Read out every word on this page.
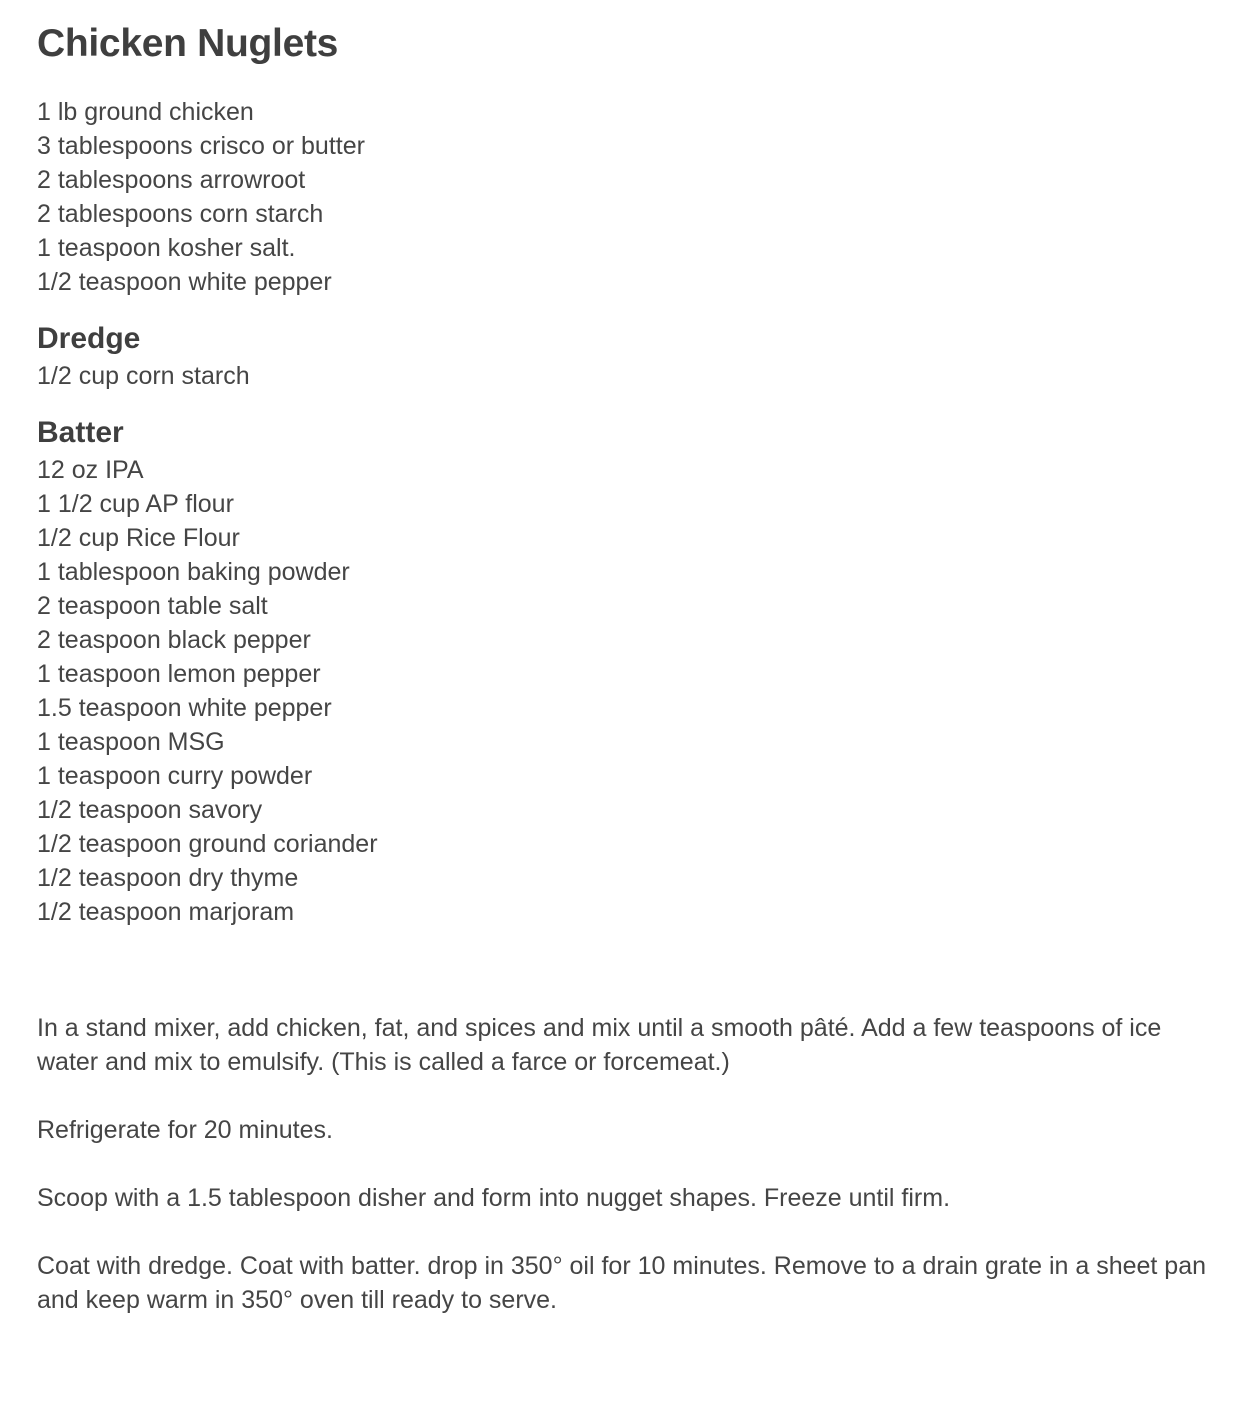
Chicken Nuglets
1 lb ground chicken
3 tablespoons crisco or butter
2 tablespoons arrowroot
2 tablespoons corn starch
1 teaspoon kosher salt.
1/2 teaspoon white pepper
Dredge
1/2 cup corn starch
Batter
12 oz IPA
1 1/2 cup AP flour
1/2 cup Rice Flour
1 tablespoon baking powder
2 teaspoon table salt
2 teaspoon black pepper
1 teaspoon lemon pepper
1.5 teaspoon white pepper
1 teaspoon MSG
1 teaspoon curry powder
1/2 teaspoon savory
1/2 teaspoon ground coriander
1/2 teaspoon dry thyme
1/2 teaspoon marjoram

In a stand mixer, add chicken, fat, and spices and mix until a smooth pâté. Add a few teaspoons of ice water and mix to emulsify. (This is called a farce or forcemeat.)

Refrigerate for 20 minutes.

Scoop with a 1.5 tablespoon disher and form into nugget shapes. Freeze until firm.

Coat with dredge. Coat with batter. drop in 350° oil for 10 minutes. Remove to a drain grate in a sheet pan and keep warm in 350° oven till ready to serve.
